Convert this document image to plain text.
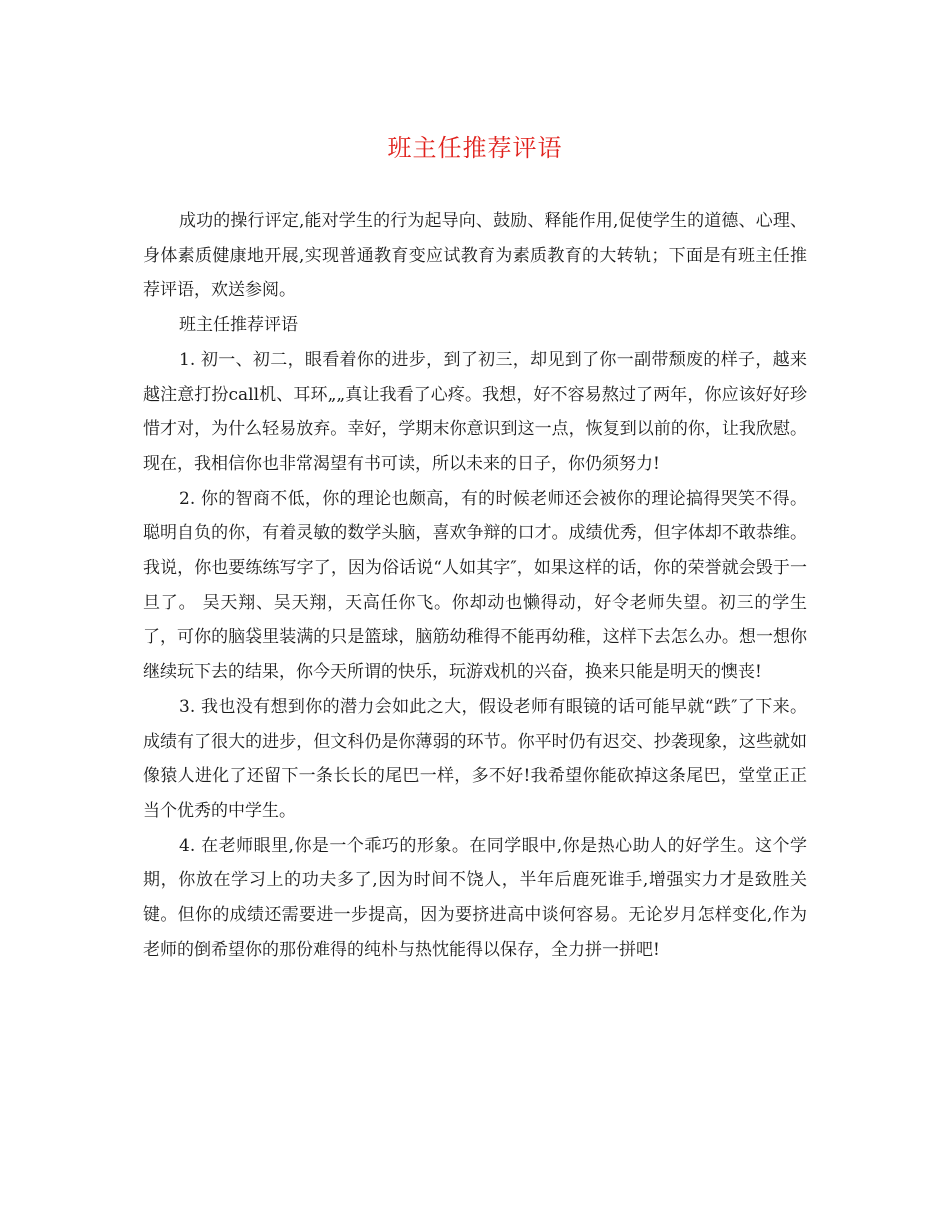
班主任推荐评语

成功的操行评定,能对学生的行为起导向、鼓励、释能作用,促使学生的道德、心理、身体素质健康地开展,实现普通教育变应试教育为素质教育的大转轨；下面是有班主任推荐评语，欢送参阅。

班主任推荐评语

1. 初一、初二，眼看着你的进步，到了初三，却见到了你一副带颓废的样子，越来越注意打扮call机、耳环„„真让我看了心疼。我想，好不容易熬过了两年，你应该好好珍惜才对，为什么轻易放弃。幸好，学期末你意识到这一点，恢复到以前的你，让我欣慰。现在，我相信你也非常渴望有书可读，所以未来的日子，你仍须努力!

2. 你的智商不低，你的理论也颇高，有的时候老师还会被你的理论搞得哭笑不得。聪明自负的你，有着灵敏的数学头脑，喜欢争辩的口才。成绩优秀，但字体却不敢恭维。我说，你也要练练写字了，因为俗话说“人如其字″，如果这样的话，你的荣誉就会毁于一旦了。 吴天翔、吴天翔，天高任你飞。你却动也懒得动，好令老师失望。初三的学生了，可你的脑袋里装满的只是篮球，脑筋幼稚得不能再幼稚，这样下去怎么办。想一想你继续玩下去的结果，你今天所谓的快乐，玩游戏机的兴奋，换来只能是明天的懊丧!

3. 我也没有想到你的潜力会如此之大，假设老师有眼镜的话可能早就“跌″了下来。成绩有了很大的进步，但文科仍是你薄弱的环节。你平时仍有迟交、抄袭现象，这些就如像猿人进化了还留下一条长长的尾巴一样，多不好!我希望你能砍掉这条尾巴，堂堂正正当个优秀的中学生。

4. 在老师眼里,你是一个乖巧的形象。在同学眼中,你是热心助人的好学生。这个学期，你放在学习上的功夫多了,因为时间不饶人，半年后鹿死谁手,增强实力才是致胜关键。但你的成绩还需要进一步提高，因为要挤进高中谈何容易。无论岁月怎样变化,作为老师的倒希望你的那份难得的纯朴与热忱能得以保存，全力拼一拼吧!
